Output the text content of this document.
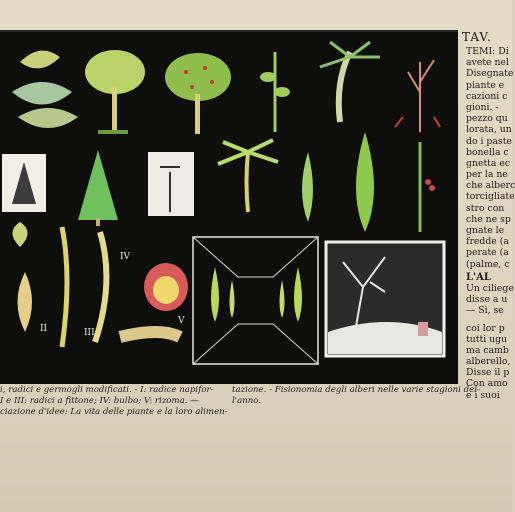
II	III
IV
V
TAV.
TEMI: Di
avete nel
Disegnate
piante e
cazioni c
gioni. -
pezzo qu
lorata, un
do i paste
bonella c
gnetta ec
per la ne
che alberc
torcigliate
stro con
che ne sp
gnate le
fredde (a
perate (a
(palme, c
L'AL
Un ciliege
disse a u
— Sì, se
coi lor p
tutti ugu
ma camb
alberello,
Disse il p
Con amo
e i suoi
i, radici e germogli modificati. - I: radice napifor-
I e III: radici a fittone; IV: bulbo; V: rizoma. —
ciazione d'idee: La vita delle piante e la loro alimen-
tazione. - Fisionomia degli alberi nelle varie stagioni del-
l'anno.
